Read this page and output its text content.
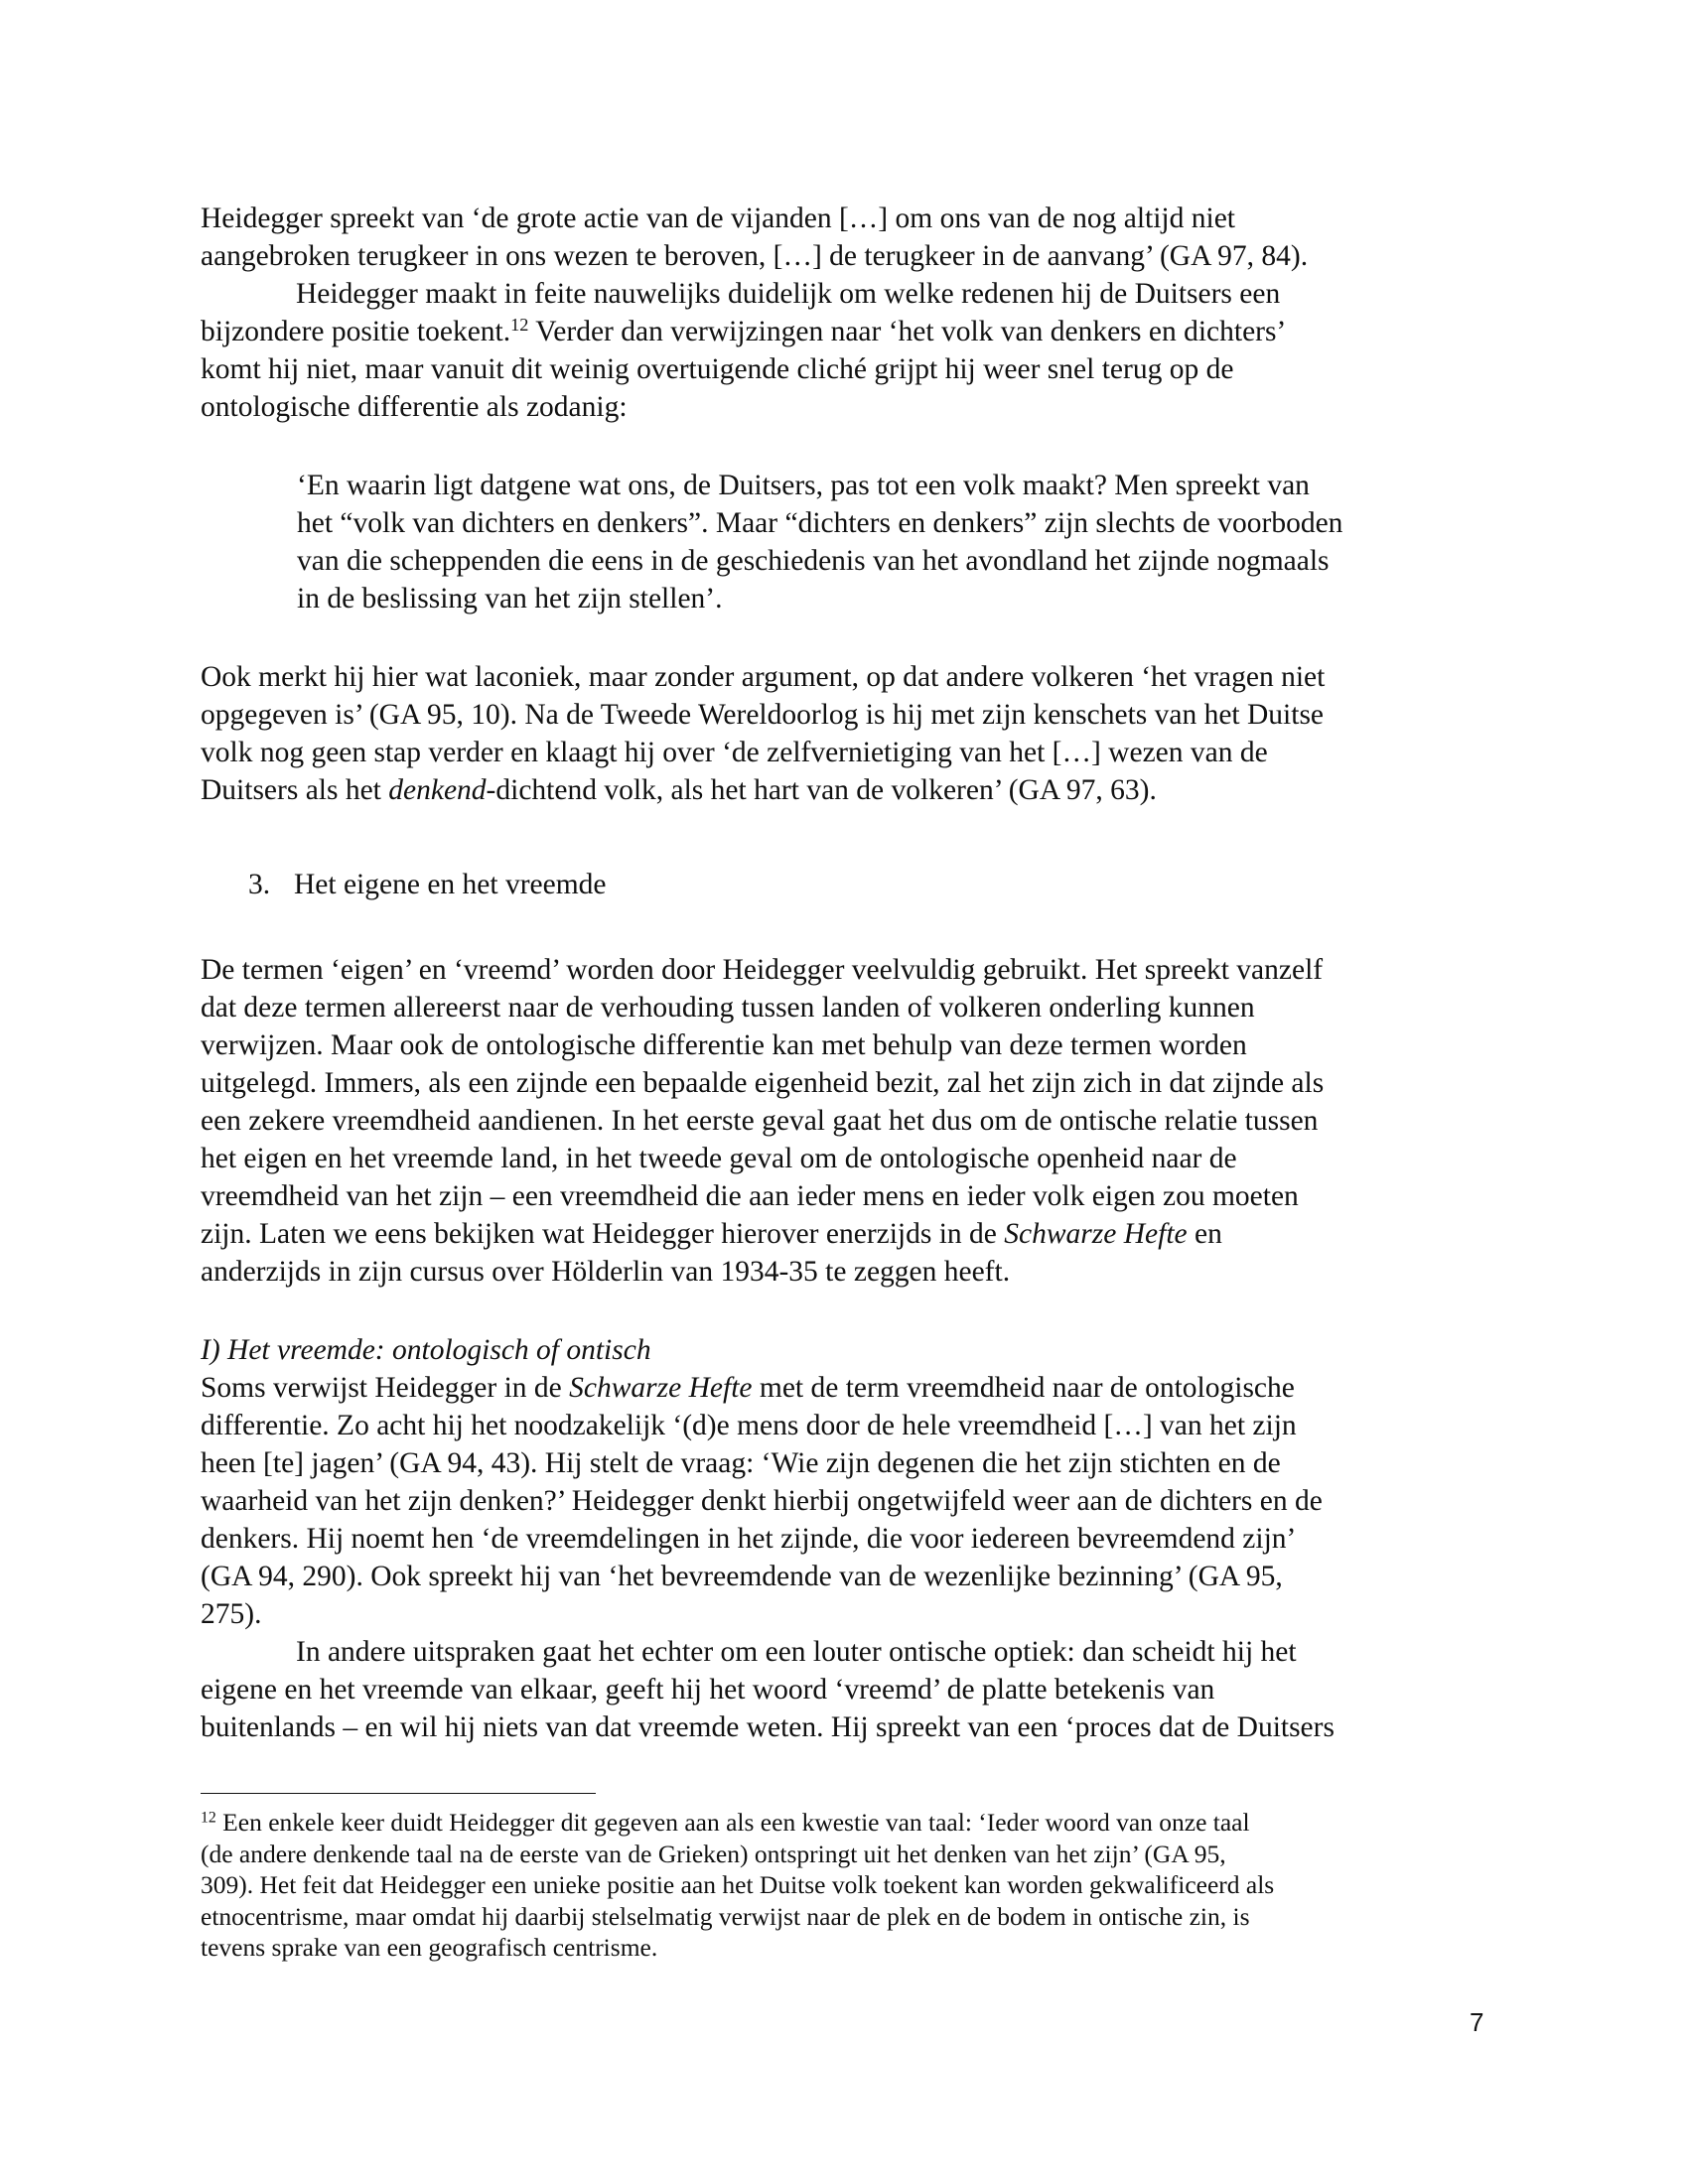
Heidegger spreekt van ‘de grote actie van de vijanden […] om ons van de nog altijd niet

aangebroken terugkeer in ons wezen te beroven, […] de terugkeer in de aanvang’ (GA 97, 84).

Heidegger maakt in feite nauwelijks duidelijk om welke redenen hij de Duitsers een

bijzondere positie toekent.$^{12}$ Verder dan verwijzingen naar ‘het volk van denkers en dichters’

komt hij niet, maar vanuit dit weinig overtuigende cliché grijpt hij weer snel terug op de

ontologische differentie als zodanig:

‘En waarin ligt datgene wat ons, de Duitsers, pas tot een volk maakt? Men spreekt van

het “volk van dichters en denkers”. Maar “dichters en denkers” zijn slechts de voorboden

van die scheppenden die eens in de geschiedenis van het avondland het zijnde nogmaals

in de beslissing van het zijn stellen’.

Ook merkt hij hier wat laconiek, maar zonder argument, op dat andere volkeren ‘het vragen niet

opgegeven is’ (GA 95, 10). Na de Tweede Wereldoorlog is hij met zijn kenschets van het Duitse

volk nog geen stap verder en klaagt hij over ‘de zelfvernietiging van het […] wezen van de

Duitsers als het denkend-dichtend volk, als het hart van de volkeren’ (GA 97, 63).

3. Het eigene en het vreemde

De termen ‘eigen’ en ‘vreemd’ worden door Heidegger veelvuldig gebruikt. Het spreekt vanzelf

dat deze termen allereerst naar de verhouding tussen landen of volkeren onderling kunnen

verwijzen. Maar ook de ontologische differentie kan met behulp van deze termen worden

uitgelegd. Immers, als een zijnde een bepaalde eigenheid bezit, zal het zijn zich in dat zijnde als

een zekere vreemdheid aandienen. In het eerste geval gaat het dus om de ontische relatie tussen

het eigen en het vreemde land, in het tweede geval om de ontologische openheid naar de

vreemdheid van het zijn – een vreemdheid die aan ieder mens en ieder volk eigen zou moeten

zijn. Laten we eens bekijken wat Heidegger hierover enerzijds in de Schwarze Hefte en

anderzijds in zijn cursus over Hölderlin van 1934-35 te zeggen heeft.

I) Het vreemde: ontologisch of ontisch

Soms verwijst Heidegger in de Schwarze Hefte met de term vreemdheid naar de ontologische

differentie. Zo acht hij het noodzakelijk ‘(d)e mens door de hele vreemdheid […] van het zijn

heen [te] jagen’ (GA 94, 43). Hij stelt de vraag: ‘Wie zijn degenen die het zijn stichten en de

waarheid van het zijn denken?’ Heidegger denkt hierbij ongetwijfeld weer aan de dichters en de

denkers. Hij noemt hen ‘de vreemdelingen in het zijnde, die voor iedereen bevreemdend zijn’

(GA 94, 290). Ook spreekt hij van ‘het bevreemdende van de wezenlijke bezinning’ (GA 95,

275).

In andere uitspraken gaat het echter om een louter ontische optiek: dan scheidt hij het

eigene en het vreemde van elkaar, geeft hij het woord ‘vreemd’ de platte betekenis van

buitenlands – en wil hij niets van dat vreemde weten. Hij spreekt van een ‘proces dat de Duitsers

$^{12}$ Een enkele keer duidt Heidegger dit gegeven aan als een kwestie van taal: ‘Ieder woord van onze taal

(de andere denkende taal na de eerste van de Grieken) ontspringt uit het denken van het zijn’ (GA 95,

309). Het feit dat Heidegger een unieke positie aan het Duitse volk toekent kan worden gekwalificeerd als

etnocentrisme, maar omdat hij daarbij stelselmatig verwijst naar de plek en de bodem in ontische zin, is

tevens sprake van een geografisch centrisme.

7
